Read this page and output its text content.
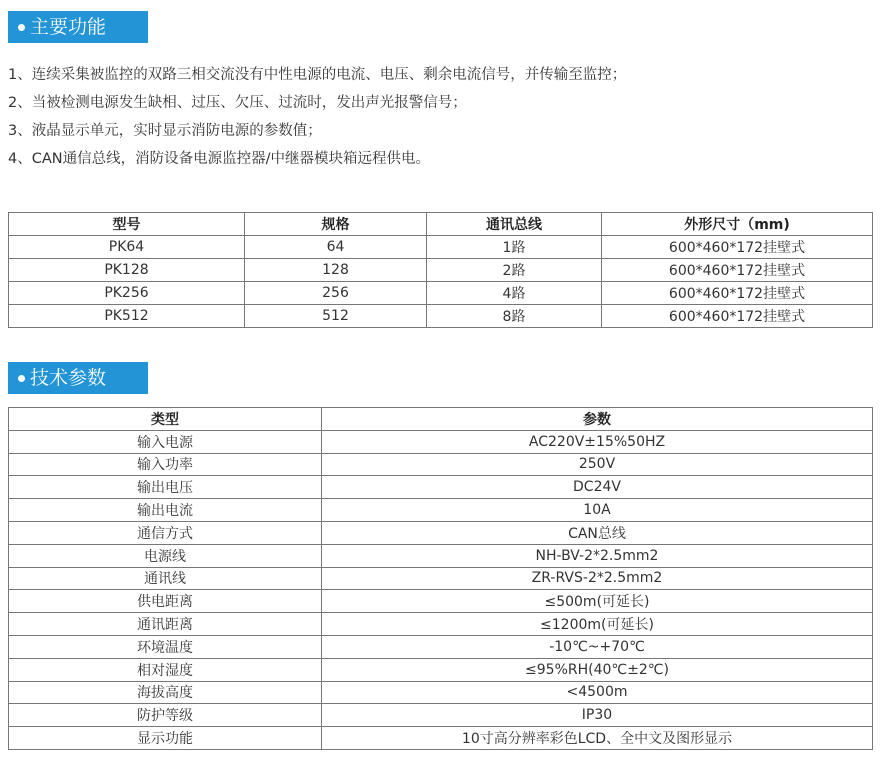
主要功能
1、连续采集被监控的双路三相交流没有中性电源的电流、电压、剩余电流信号，并传输至监控；
2、当被检测电源发生缺相、过压、欠压、过流时，发出声光报警信号；
3、液晶显示单元，实时显示消防电源的参数值；
4、CAN通信总线，消防设备电源监控器/中继器模块箱远程供电。
型号	规格	通讯总线	外形尺寸（mm)
PK64	64	1路	600*460*172挂壁式
PK128	128	2路	600*460*172挂壁式
PK256	256	4路	600*460*172挂壁式
PK512	512	8路	600*460*172挂壁式
技术参数
类型	参数
输入电源	AC220V±15%50HZ
输入功率	250V
输出电压	DC24V
输出电流	10A
通信方式	CAN总线
电源线	NH-BV-2*2.5mm2
通讯线	ZR-RVS-2*2.5mm2
供电距离	≤500m(可延长)
通讯距离	≤1200m(可延长)
环境温度	-10℃~+70℃
相对湿度	≤95%RH(40℃±2℃)
海拔高度	<4500m
防护等级	IP30
显示功能	10寸高分辨率彩色LCD、全中文及图形显示
